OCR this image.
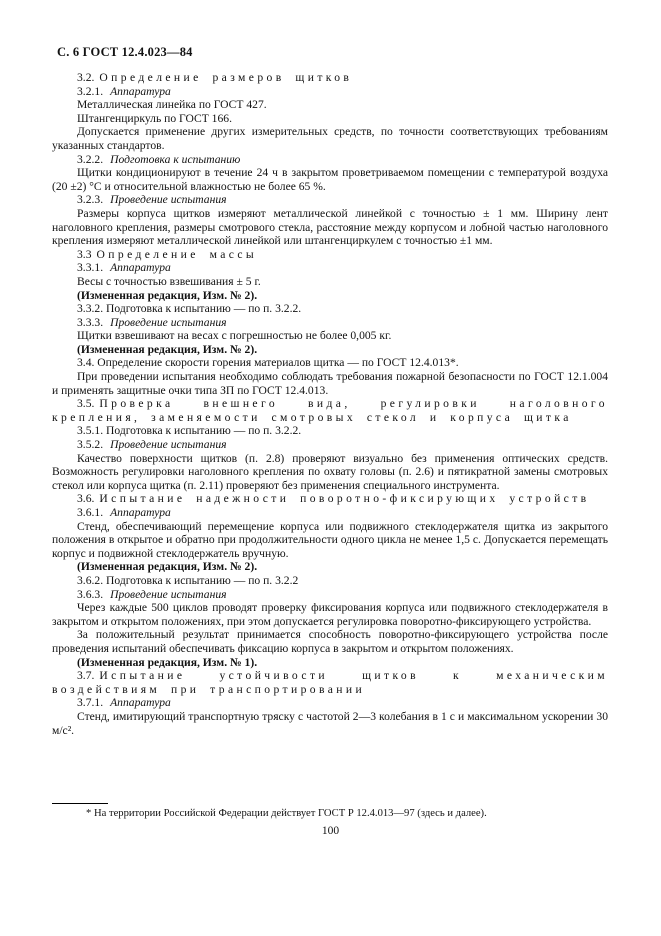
С. 6 ГОСТ 12.4.023—84
3.2. Определение размеров щитков
3.2.1. Аппаратура
Металлическая линейка по ГОСТ 427.
Штангенциркуль по ГОСТ 166.
Допускается применение других измерительных средств, по точности соответствующих требованиям указанных стандартов.
3.2.2. Подготовка к испытанию
Щитки кондиционируют в течение 24 ч в закрытом проветриваемом помещении с температурой воздуха (20 ±2) °С и относительной влажностью не более 65 %.
3.2.3. Проведение испытания
Размеры корпуса щитков измеряют металлической линейкой с точностью ± 1 мм. Ширину лент наголовного крепления, размеры смотрового стекла, расстояние между корпусом и лобной частью наголовного крепления измеряют металлической линейкой или штангенциркулем с точностью ±1 мм.
3.3 Определение массы
3.3.1. Аппаратура
Весы с точностью взвешивания ± 5 г.
(Измененная редакция, Изм. № 2).
3.3.2. Подготовка к испытанию — по п. 3.2.2.
3.3.3. Проведение испытания
Щитки взвешивают на весах с погрешностью не более 0,005 кг.
(Измененная редакция, Изм. № 2).
3.4. Определение скорости горения материалов щитка — по ГОСТ 12.4.013*.
При проведении испытания необходимо соблюдать требования пожарной безопасности по ГОСТ 12.1.004 и применять защитные очки типа ЗП по ГОСТ 12.4.013.
3.5. Проверка внешнего вида, регулировки наголовного крепления, заменяемости смотровых стекол и корпуса щитка
3.5.1. Подготовка к испытанию — по п. 3.2.2.
3.5.2. Проведение испытания
Качество поверхности щитков (п. 2.8) проверяют визуально без применения оптических средств. Возможность регулировки наголовного крепления по охвату головы (п. 2.6) и пятикратной замены смотровых стекол или корпуса щитка (п. 2.11) проверяют без применения специального инструмента.
3.6. Испытание надежности поворотно-фиксирующих устройств
3.6.1. Аппаратура
Стенд, обеспечивающий перемещение корпуса или подвижного стеклодержателя щитка из закрытого положения в открытое и обратно при продолжительности одного цикла не менее 1,5 с. Допускается перемещать корпус и подвижной стеклодержатель вручную.
(Измененная редакция, Изм. № 2).
3.6.2. Подготовка к испытанию — по п. 3.2.2
3.6.3. Проведение испытания
Через каждые 500 циклов проводят проверку фиксирования корпуса или подвижного стеклодержателя в закрытом и открытом положениях, при этом допускается регулировка поворотно-фиксирующего устройства.
За положительный результат принимается способность поворотно-фиксирующего устройства после проведения испытаний обеспечивать фиксацию корпуса в закрытом и открытом положениях.
(Измененная редакция, Изм. № 1).
3.7. Испытание устойчивости щитков к механическим воздействиям при транспортировании
3.7.1. Аппаратура
Стенд, имитирующий транспортную тряску с частотой 2—3 колебания в 1 с и максимальном ускорении 30 м/с².
* На территории Российской Федерации действует ГОСТ Р 12.4.013—97 (здесь и далее).
100
